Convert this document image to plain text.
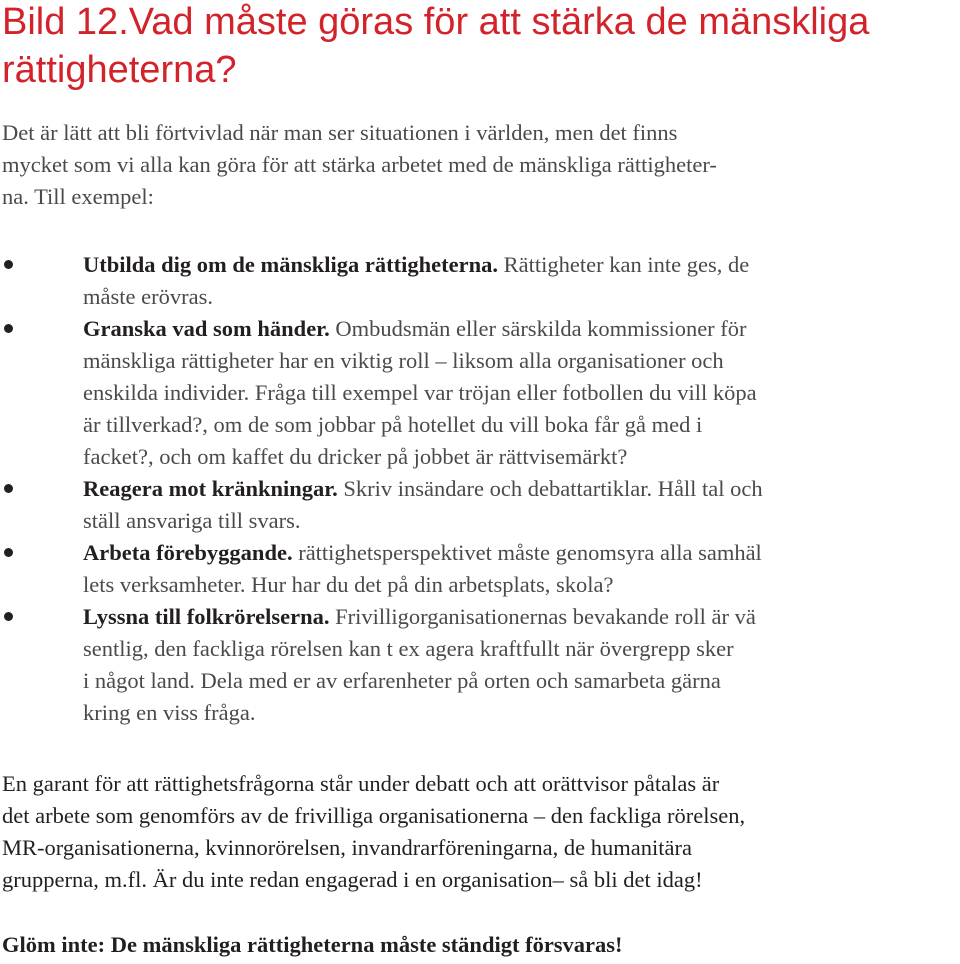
Bild 12.Vad måste göras för att stärka de mänskliga rättigheterna?

Det är lätt att bli förtvivlad när man ser situationen i världen, men det finns
mycket som vi alla kan göra för att stärka arbetet med de mänskliga rättigheter-
na. Till exempel:

Utbilda dig om de mänskliga rättigheterna. Rättigheter kan inte ges, de
måste erövras.
Granska vad som händer. Ombudsmän eller särskilda kommissioner för
mänskliga rättigheter har en viktig roll – liksom alla organisationer och
enskilda individer. Fråga till exempel var tröjan eller fotbollen du vill köpa
är tillverkad?, om de som jobbar på hotellet du vill boka får gå med i
facket?, och om kaffet du dricker på jobbet är rättvisemärkt?
Reagera mot kränkningar. Skriv insändare och debattartiklar. Håll tal och
ställ ansvariga till svars.
Arbeta förebyggande. rättighetsperspektivet måste genomsyra alla samhäl
lets verksamheter. Hur har du det på din arbetsplats, skola?
Lyssna till folkrörelserna. Frivilligorganisationernas bevakande roll är vä
sentlig, den fackliga rörelsen kan t ex agera kraftfullt när övergrepp sker
i något land. Dela med er av erfarenheter på orten och samarbeta gärna
kring en viss fråga.

En garant för att rättighetsfrågorna står under debatt och att orättvisor påtalas är
det arbete som genomförs av de frivilliga organisationerna – den fackliga rörelsen,
MR-organisationerna, kvinnorörelsen, invandrarföreningarna, de humanitära
grupperna, m.fl. Är du inte redan engagerad i en organisation– så bli det idag!

Glöm inte: De mänskliga rättigheterna måste ständigt försvaras!
